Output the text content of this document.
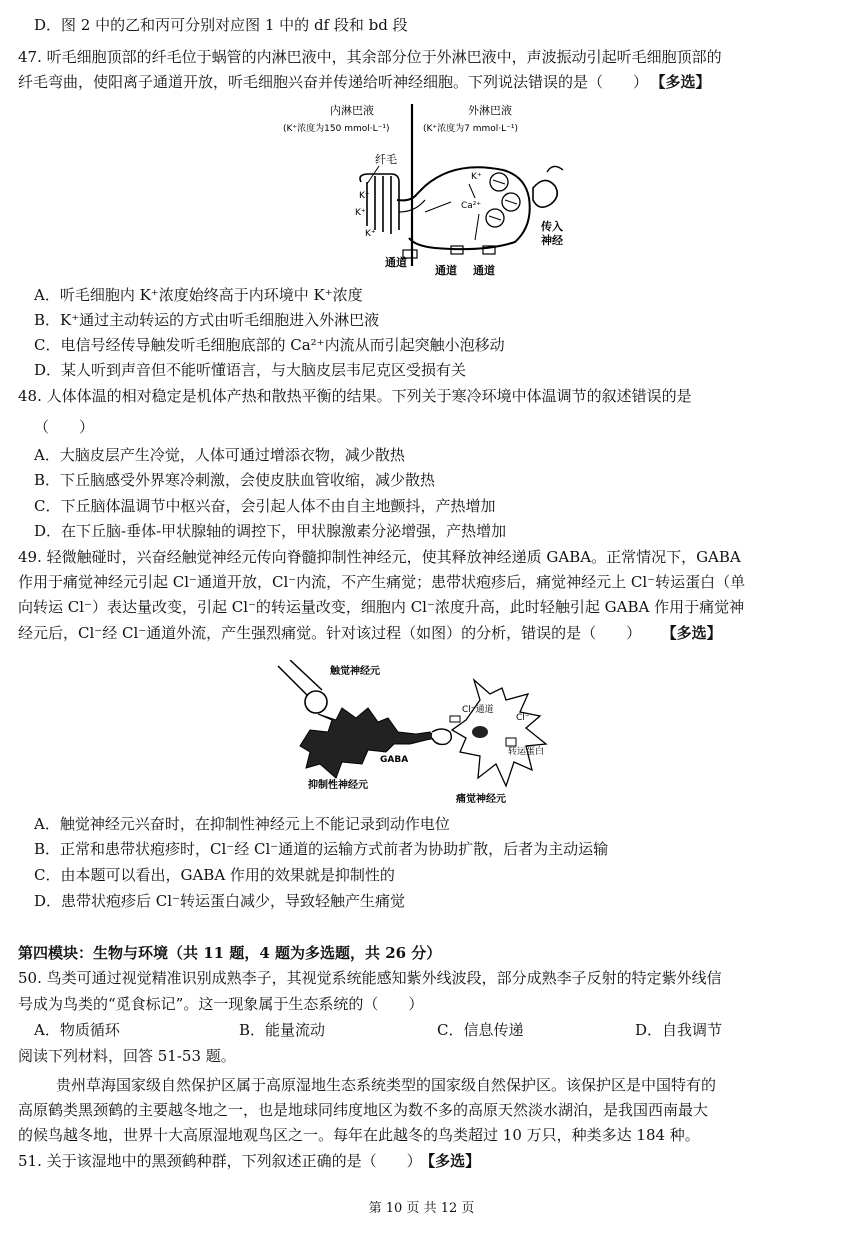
D．图 2 中的乙和丙可分别对应图 1 中的 df 段和 bd 段
47. 听毛细胞顶部的纤毛位于蜗管的内淋巴液中，其余部分位于外淋巴液中，声波振动引起听毛细胞顶部的
纤毛弯曲，使阳离子通道开放，听毛细胞兴奋并传递给听神经细胞。下列说法错误的是（　　） 【多选】
内淋巴液
(K⁺浓度为150 mmol·L⁻¹)
外淋巴液
(K⁺浓度为7 mmol·L⁻¹)
纤毛
K⁺
K⁺
K⁺
K⁺
Ca²⁺
传入
神经
通道
通道 通道
A．听毛细胞内 K⁺浓度始终高于内环境中 K⁺浓度
B．K⁺通过主动转运的方式由听毛细胞进入外淋巴液
C．电信号经传导触发听毛细胞底部的 Ca²⁺内流从而引起突触小泡移动
D．某人听到声音但不能听懂语言，与大脑皮层韦尼克区受损有关
48. 人体体温的相对稳定是机体产热和散热平衡的结果。下列关于寒冷环境中体温调节的叙述错误的是
（　　）
A．大脑皮层产生冷觉，人体可通过增添衣物，减少散热
B．下丘脑感受外界寒冷刺激，会使皮肤血管收缩，减少散热
C．下丘脑体温调节中枢兴奋，会引起人体不由自主地颤抖，产热增加
D．在下丘脑-垂体-甲状腺轴的调控下，甲状腺激素分泌增强，产热增加
49. 轻微触碰时，兴奋经触觉神经元传向脊髓抑制性神经元，使其释放神经递质 GABA。正常情况下，GABA
作用于痛觉神经元引起 Cl⁻通道开放，Cl⁻内流，不产生痛觉；患带状疱疹后，痛觉神经元上 Cl⁻转运蛋白（单
向转运 Cl⁻）表达量改变，引起 Cl⁻的转运量改变，细胞内 Cl⁻浓度升高，此时轻触引起 GABA 作用于痛觉神
经元后，Cl⁻经 Cl⁻通道外流，产生强烈痛觉。针对该过程（如图）的分析，错误的是（　　） 【多选】
触觉神经元
GABA
Cl⁻通道
Cl⁻
转运蛋白
抑制性神经元
痛觉神经元
A．触觉神经元兴奋时，在抑制性神经元上不能记录到动作电位
B．正常和患带状疱疹时，Cl⁻经 Cl⁻通道的运输方式前者为协助扩散，后者为主动运输
C．由本题可以看出，GABA 作用的效果就是抑制性的
D．患带状疱疹后 Cl⁻转运蛋白减少，导致轻触产生痛觉
第四模块：生物与环境（共 11 题，4 题为多选题，共 26 分）
50. 鸟类可通过视觉精准识别成熟李子，其视觉系统能感知紫外线波段，部分成熟李子反射的特定紫外线信
号成为鸟类的“觅食标记”。这一现象属于生态系统的（　　）
A．物质循环	B．能量流动	C．信息传递	D．自我调节
阅读下列材料，回答 51-53 题。
贵州草海国家级自然保护区属于高原湿地生态系统类型的国家级自然保护区。该保护区是中国特有的
高原鹤类黑颈鹤的主要越冬地之一，也是地球同纬度地区为数不多的高原天然淡水湖泊，是我国西南最大
的候鸟越冬地，世界十大高原湿地观鸟区之一。每年在此越冬的鸟类超过 10 万只，种类多达 184 种。
51. 关于该湿地中的黑颈鹤种群，下列叙述正确的是（　　） 【多选】
第 10 页 共 12 页
